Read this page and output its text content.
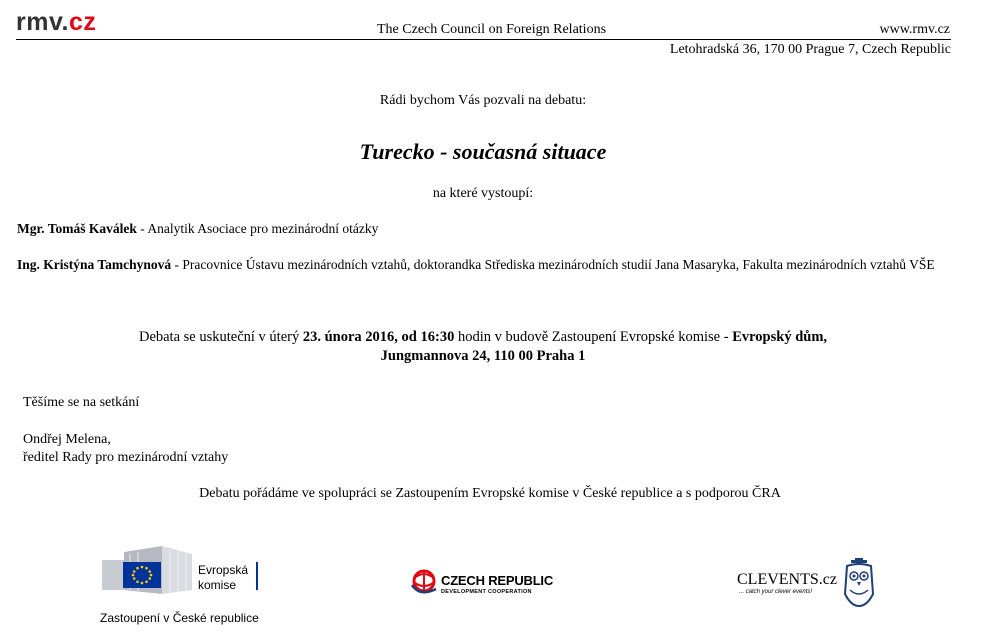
rmv.cz	The Czech Council on Foreign Relations	www.rmv.cz
Letohradská 36, 170 00 Prague 7, Czech Republic
Rádi bychom Vás pozvali na debatu:
Turecko - současná situace
na které vystoupí:
Mgr. Tomáš Kaválek - Analytik Asociace pro mezinárodní otázky
Ing. Kristýna Tamchynová - Pracovnice Ústavu mezinárodních vztahů, doktorandka Střediska mezinárodních studií Jana Masaryka, Fakulta mezinárodních vztahů VŠE
Debata se uskuteční v úterý 23. února 2016, od 16:30 hodin v budově Zastoupení Evropské komise - Evropský dům,
Jungmannova 24, 110 00 Praha 1
Těšíme se na setkání
Ondřej Melena,
ředitel Rady pro mezinárodní vztahy
Debatu pořádáme ve spolupráci se Zastoupením Evropské komise v České republice a s podporou ČRA
Evropská
komise
Zastoupení v České republice
CZECH REPUBLIC
DEVELOPMENT COOPERATION
CLEVENTS.cz
... catch your clever events!
